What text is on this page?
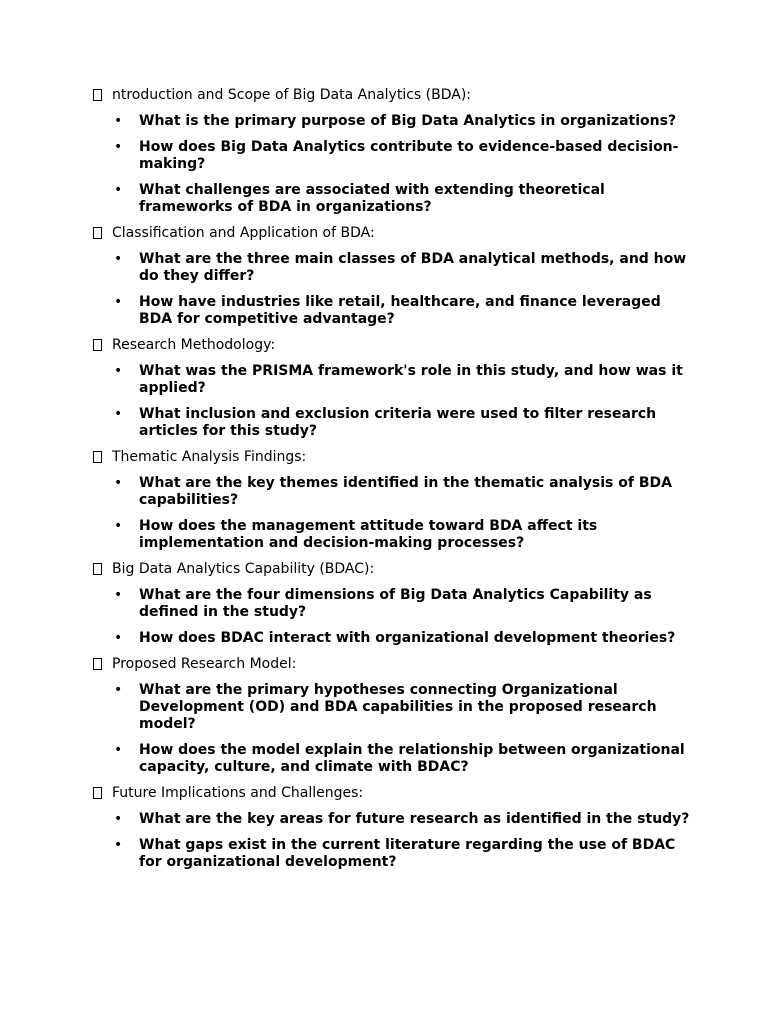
ntroduction and Scope of Big Data Analytics (BDA):
•	What is the primary purpose of Big Data Analytics in organizations?
•	How does Big Data Analytics contribute to evidence-based decision-making?
•	What challenges are associated with extending theoretical frameworks of BDA in organizations?
Classification and Application of BDA:
•	What are the three main classes of BDA analytical methods, and how do they differ?
•	How have industries like retail, healthcare, and finance leveraged BDA for competitive advantage?
Research Methodology:
•	What was the PRISMA framework's role in this study, and how was it applied?
•	What inclusion and exclusion criteria were used to filter research articles for this study?
Thematic Analysis Findings:
•	What are the key themes identified in the thematic analysis of BDA capabilities?
•	How does the management attitude toward BDA affect its implementation and decision-making processes?
Big Data Analytics Capability (BDAC):
•	What are the four dimensions of Big Data Analytics Capability as defined in the study?
•	How does BDAC interact with organizational development theories?
Proposed Research Model:
•	What are the primary hypotheses connecting Organizational Development (OD) and BDA capabilities in the proposed research model?
•	How does the model explain the relationship between organizational capacity, culture, and climate with BDAC?
Future Implications and Challenges:
•	What are the key areas for future research as identified in the study?
•	What gaps exist in the current literature regarding the use of BDAC for organizational development?
